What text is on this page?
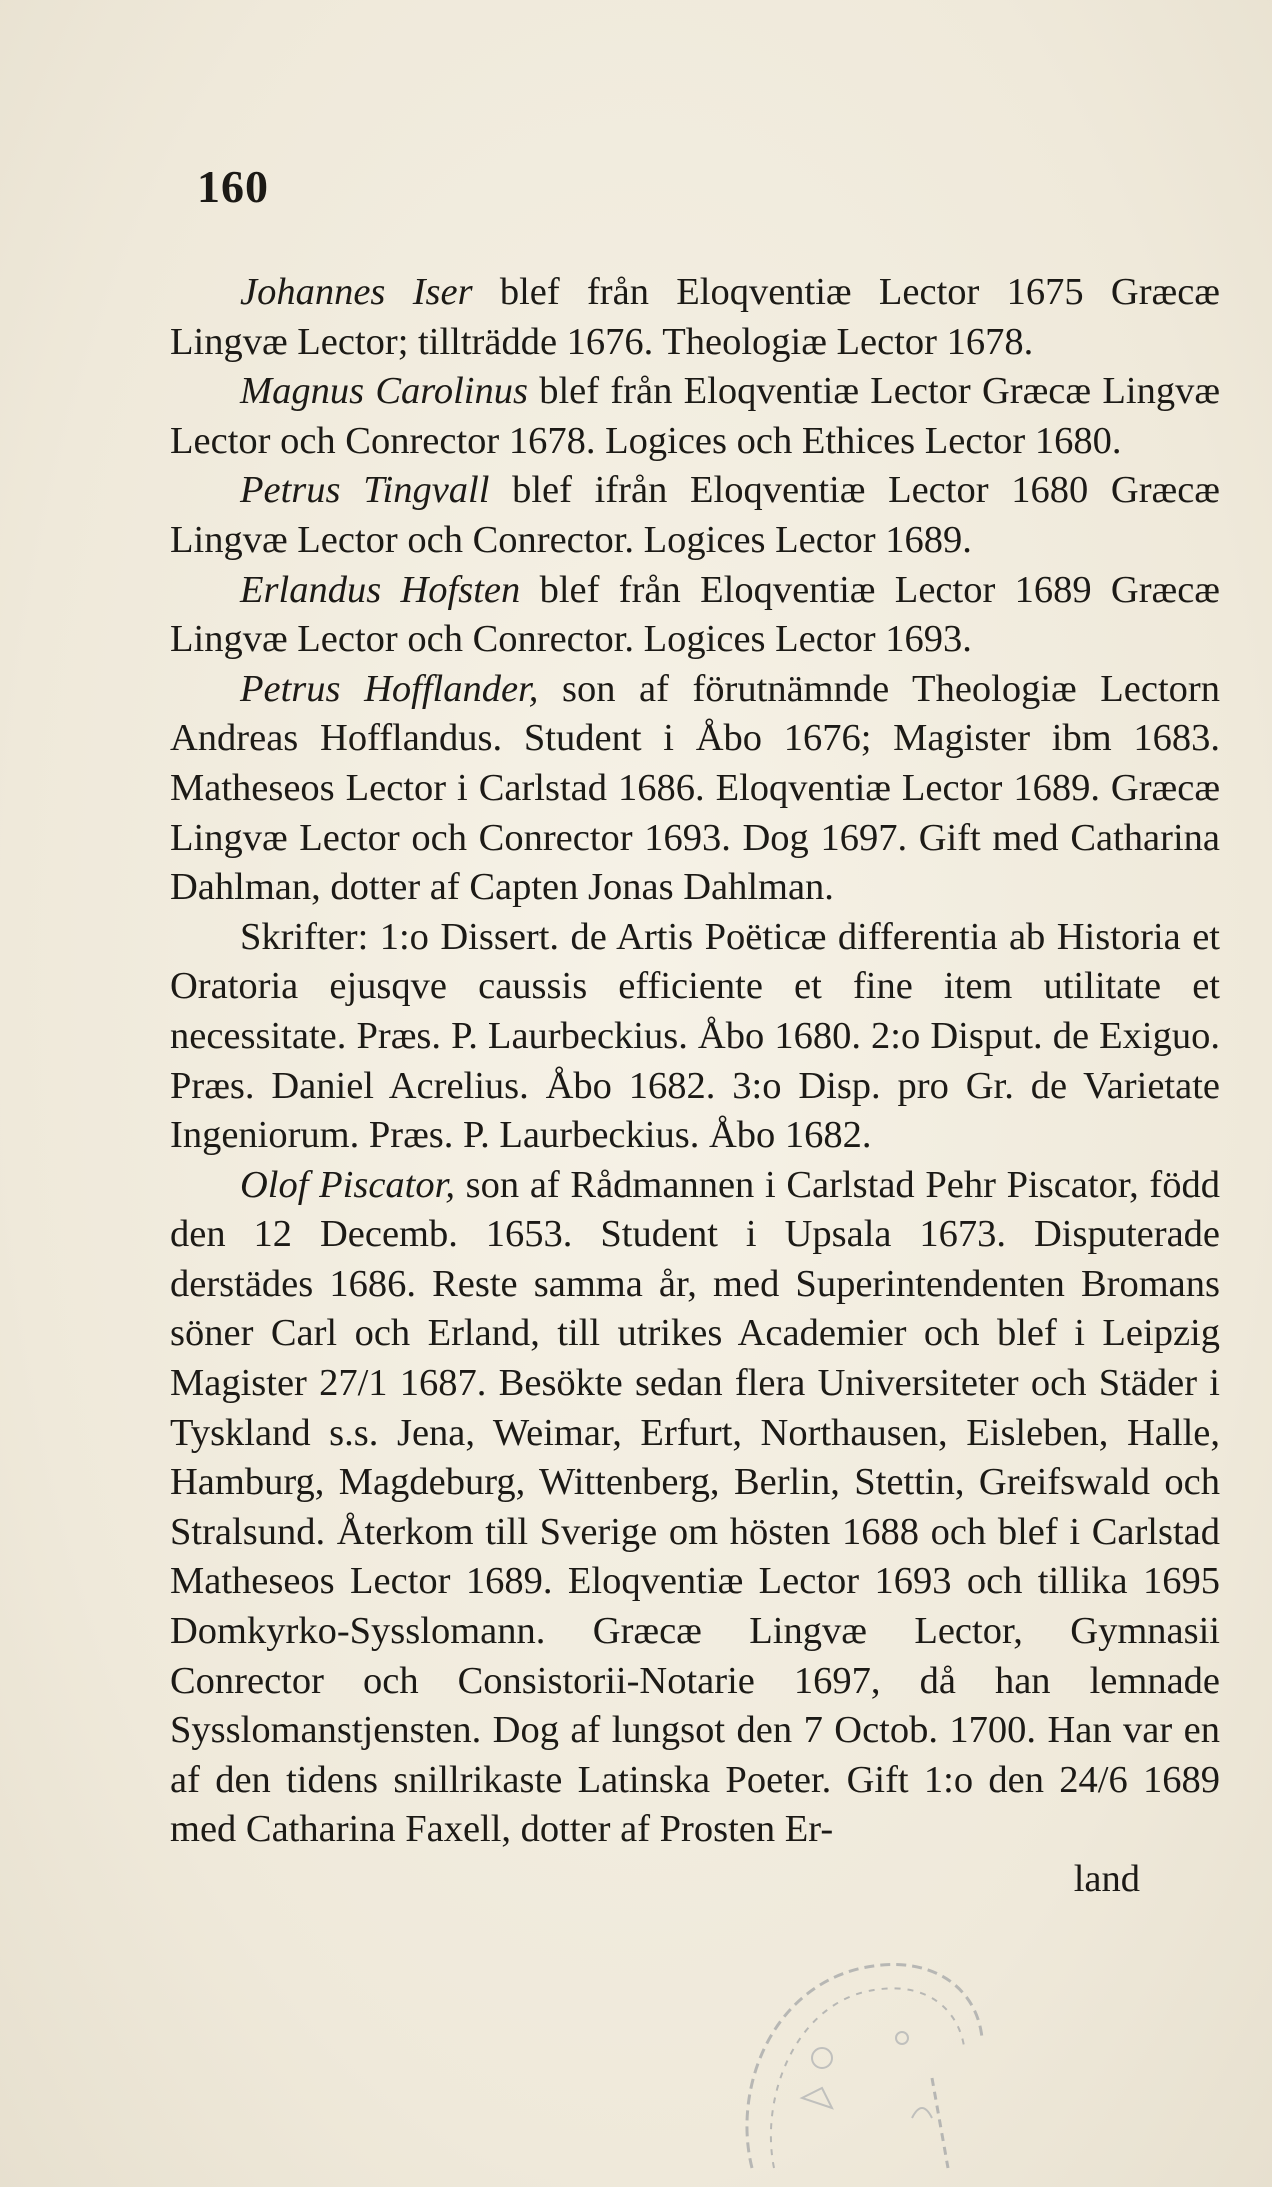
160

Johannes Iser blef från Eloqventiæ Lector 1675 Græcæ Lingvæ Lector; tillträdde 1676. Theologiæ Lector 1678.

Magnus Carolinus blef från Eloqventiæ Lector Græcæ Lingvæ Lector och Conrector 1678. Logices och Ethices Lector 1680.

Petrus Tingvall blef ifrån Eloqventiæ Lector 1680 Græcæ Lingvæ Lector och Conrector. Logices Lector 1689.

Erlandus Hofsten blef från Eloqventiæ Lector 1689 Græcæ Lingvæ Lector och Conrector. Logices Lector 1693.

Petrus Hofflander, son af förutnämnde Theologiæ Lectorn Andreas Hofflandus. Student i Åbo 1676; Magister ibm 1683. Matheseos Lector i Carlstad 1686. Eloqventiæ Lector 1689. Græcæ Lingvæ Lector och Conrector 1693. Dog 1697. Gift med Catharina Dahlman, dotter af Capten Jonas Dahlman.

Skrifter: 1:o Dissert. de Artis Poëticæ differentia ab Historia et Oratoria ejusqve caussis efficiente et fine item utilitate et necessitate. Præs. P. Laurbeckius. Åbo 1680. 2:o Disput. de Exiguo. Præs. Daniel Acrelius. Åbo 1682. 3:o Disp. pro Gr. de Varietate Ingeniorum. Præs. P. Laurbeckius. Åbo 1682.

Olof Piscator, son af Rådmannen i Carlstad Pehr Piscator, född den 12 Decemb. 1653. Student i Upsala 1673. Disputerade derstädes 1686. Reste samma år, med Superintendenten Bromans söner Carl och Erland, till utrikes Academier och blef i Leipzig Magister 27/1 1687. Besökte sedan flera Universiteter och Städer i Tyskland s.s. Jena, Weimar, Erfurt, Northausen, Eisleben, Halle, Hamburg, Magdeburg, Wittenberg, Berlin, Stettin, Greifswald och Stralsund. Återkom till Sverige om hösten 1688 och blef i Carlstad Matheseos Lector 1689. Eloqventiæ Lector 1693 och tillika 1695 Domkyrko-Sysslomann. Græcæ Lingvæ Lector, Gymnasii Conrector och Consistorii-Notarie 1697, då han lemnade Sysslomanstjensten. Dog af lungsot den 7 Octob. 1700. Han var en af den tidens snillrikaste Latinska Poeter. Gift 1:o den 24/6 1689 med Catharina Faxell, dotter af Prosten Er-

land
